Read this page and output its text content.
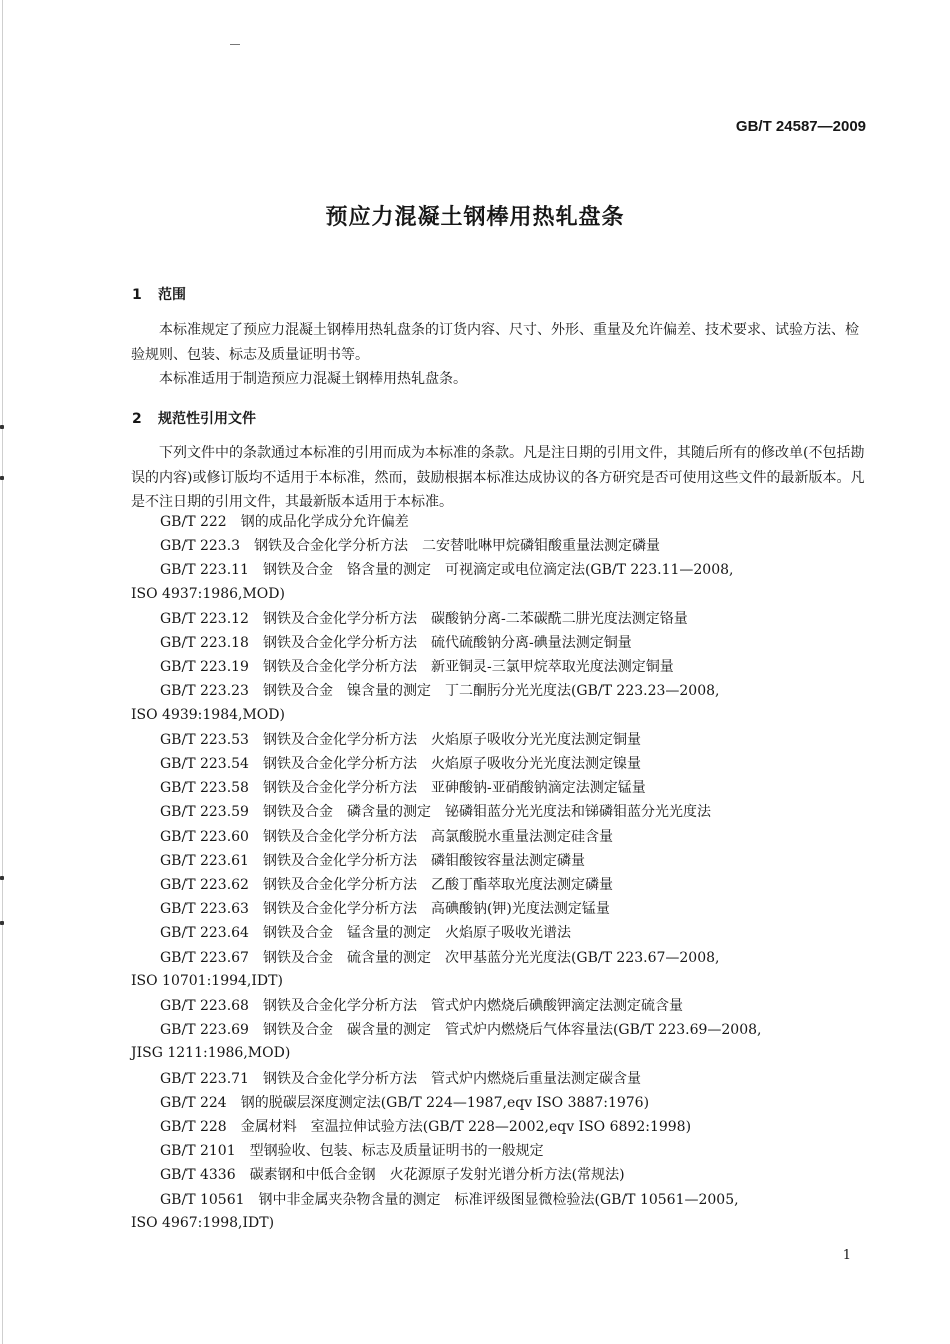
GB/T 24587—2009
预应力混凝土钢棒用热轧盘条
1 范围
本标准规定了预应力混凝土钢棒用热轧盘条的订货内容、尺寸、外形、重量及允许偏差、技术要求、试验方法、检验规则、包装、标志及质量证明书等。
本标准适用于制造预应力混凝土钢棒用热轧盘条。
2 规范性引用文件
下列文件中的条款通过本标准的引用而成为本标准的条款。凡是注日期的引用文件，其随后所有的修改单(不包括勘误的内容)或修订版均不适用于本标准，然而，鼓励根据本标准达成协议的各方研究是否可使用这些文件的最新版本。凡是不注日期的引用文件，其最新版本适用于本标准。
GB/T 222 钢的成品化学成分允许偏差
GB/T 223.3 钢铁及合金化学分析方法　二安替吡啉甲烷磷钼酸重量法测定磷量
GB/T 223.11 钢铁及合金　铬含量的测定　可视滴定或电位滴定法(GB/T 223.11—2008,
ISO 4937:1986,MOD)
GB/T 223.12 钢铁及合金化学分析方法　碳酸钠分离-二苯碳酰二肼光度法测定铬量
GB/T 223.18 钢铁及合金化学分析方法　硫代硫酸钠分离-碘量法测定铜量
GB/T 223.19 钢铁及合金化学分析方法　新亚铜灵-三氯甲烷萃取光度法测定铜量
GB/T 223.23 钢铁及合金　镍含量的测定　丁二酮肟分光光度法(GB/T 223.23—2008,
ISO 4939:1984,MOD)
GB/T 223.53 钢铁及合金化学分析方法　火焰原子吸收分光光度法测定铜量
GB/T 223.54 钢铁及合金化学分析方法　火焰原子吸收分光光度法测定镍量
GB/T 223.58 钢铁及合金化学分析方法　亚砷酸钠-亚硝酸钠滴定法测定锰量
GB/T 223.59 钢铁及合金　磷含量的测定　铋磷钼蓝分光光度法和锑磷钼蓝分光光度法
GB/T 223.60 钢铁及合金化学分析方法　高氯酸脱水重量法测定硅含量
GB/T 223.61 钢铁及合金化学分析方法　磷钼酸铵容量法测定磷量
GB/T 223.62 钢铁及合金化学分析方法　乙酸丁酯萃取光度法测定磷量
GB/T 223.63 钢铁及合金化学分析方法　高碘酸钠(钾)光度法测定锰量
GB/T 223.64 钢铁及合金　锰含量的测定　火焰原子吸收光谱法
GB/T 223.67 钢铁及合金　硫含量的测定　次甲基蓝分光光度法(GB/T 223.67—2008,
ISO 10701:1994,IDT)
GB/T 223.68 钢铁及合金化学分析方法　管式炉内燃烧后碘酸钾滴定法测定硫含量
GB/T 223.69 钢铁及合金　碳含量的测定　管式炉内燃烧后气体容量法(GB/T 223.69—2008,
JISG 1211:1986,MOD)
GB/T 223.71 钢铁及合金化学分析方法　管式炉内燃烧后重量法测定碳含量
GB/T 224 钢的脱碳层深度测定法(GB/T 224—1987,eqv ISO 3887:1976)
GB/T 228 金属材料　室温拉伸试验方法(GB/T 228—2002,eqv ISO 6892:1998)
GB/T 2101 型钢验收、包装、标志及质量证明书的一般规定
GB/T 4336 碳素钢和中低合金钢　火花源原子发射光谱分析方法(常规法)
GB/T 10561 钢中非金属夹杂物含量的测定　标准评级图显微检验法(GB/T 10561—2005,
ISO 4967:1998,IDT)
1
